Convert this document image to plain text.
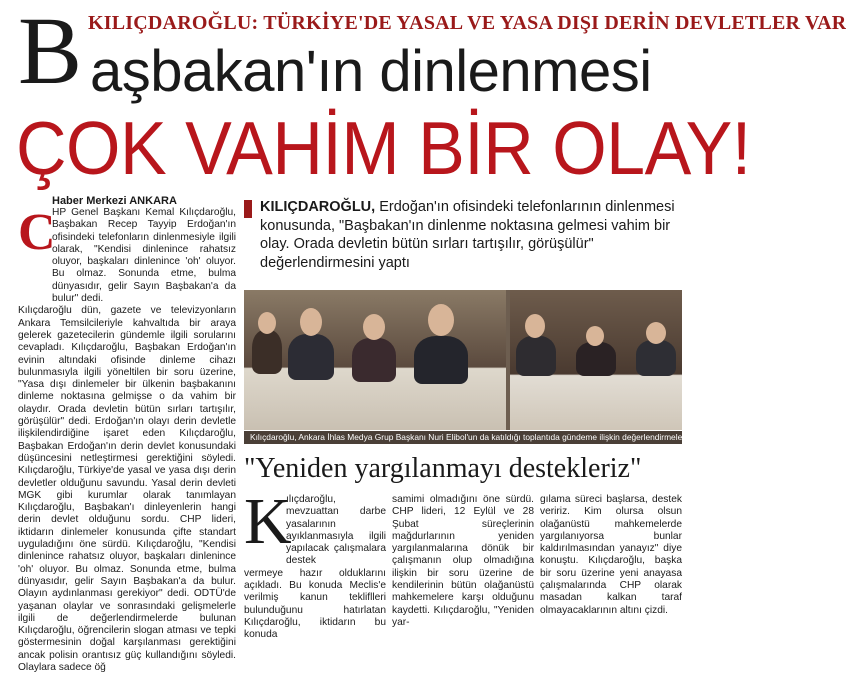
B KILIÇDAROĞLU: TÜRKİYE'DE YASAL VE YASA DIŞI DERİN DEVLETLER VAR
aşbakan'ın dinlenmesi
ÇOK VAHİM BİR OLAY!
C
Haber Merkezi ANKARA
HP Genel Başkanı Kemal Kılıçdaroğlu, Başbakan Recep Tayyip Erdoğan'ın ofisindeki telefonların dinlenmesiyle ilgili olarak, "Kendisi dinlenince rahatsız oluyor, başkaları dinlenince 'oh' oluyor. Bu olmaz. Sonunda etme, bulma dünyasıdır, gelir Sayın Başbakan'a da bulur" dedi.
Kılıçdaroğlu dün, gazete ve televizyonların Ankara Temsilcileriyle kahvaltıda bir araya gelerek gazetecilerin gündemle ilgili sorularını cevapladı. Kılıçdaroğlu, Başbakan Erdoğan'ın evinin altındaki ofisinde dinleme cihazı bulunmasıyla ilgili yöneltilen bir soru üzerine, "Yasa dışı dinlemeler bir ülkenin başbakanını dinleme noktasına gelmişse o da vahim bir olaydır. Orada devletin bütün sırları tartışılır, görüşülür" dedi. Erdoğan'ın olayı derin devletle ilişkilendirdiğine işaret eden Kılıçdaroğlu, Başbakan Erdoğan'ın derin devlet konusundaki düşüncesini netleştirmesi gerektiğini söyledi. Kılıçdaroğlu, Türkiye'de yasal ve yasa dışı derin devletler olduğunu savundu. Yasal derin devleti MGK gibi kurumlar olarak tanımlayan Kılıçdaroğlu, Başbakan'ı dinleyenlerin hangi derin devlet olduğunu sordu. CHP lideri, iktidarın dinlemeler konusunda çifte standart uyguladığını öne sürdü. Kılıçdaroğlu, "Kendisi dinlenince rahatsız oluyor, başkaları dinlenince 'oh' oluyor. Bu olmaz. Sonunda etme, bulma dünyasıdır, gelir Sayın Başbakan'a da bulur. Olayın aydınlanması gerekiyor" dedi. ODTÜ'de yaşanan olaylar ve sonrasındaki gelişmelerle ilgili de değerlendirmelerde bulunan Kılıçdaroğlu, öğrencilerin slogan atması ve tepki göstermesinin doğal karşılanması gerektiğini ancak polisin orantısız güç kullandığını söyledi. Olaylara sadece öğ

KILIÇDAROĞLU, Erdoğan'ın ofisindeki telefonlarının dinlenmesi konusunda, "Başbakan'ın dinlenme noktasına gelmesi vahim bir olay. Orada devletin bütün sırları tartışılır, görüşülür" değerlendirmesini yaptı

Kılıçdaroğlu, Ankara İhlas Medya Grup Başkanı Nuri Elibol'un da katıldığı toplantıda gündeme ilişkin değerlendirmelerde bulundu.
"Yeniden yargılanmayı destekleriz"
K
ılıçdaroğlu, mevzuattan darbe yasalarının ayıklanmasıyla ilgili yapılacak çalışmalara destek
vermeye hazır olduklarını açıkladı. Bu konuda Meclis'e verilmiş kanun tekliflleri bulunduğunu hatırlatan Kılıçdaroğlu, iktidarın bu konuda
samimi olmadığını öne sürdü. CHP lideri, 12 Eylül ve 28 Şubat süreçlerinin mağdurlarının yeniden yargılanmalarına dönük bir çalışmanın olup olmadığına ilişkin bir soru üzerine de kendilerinin bütün olağanüstü mahkemelere karşı olduğunu kaydetti. Kılıçdaroğlu, "Yeniden yar-
gılama süreci başlarsa, destek veririz. Kim olursa olsun olağanüstü mahkemelerde yargılanıyorsa bunlar kaldırılmasından yanayız" diye konuştu. Kılıçdaroğlu, başka bir soru üzerine yeni anayasa çalışmalarında CHP olarak masadan kalkan taraf olmayacaklarının altını çizdi.
